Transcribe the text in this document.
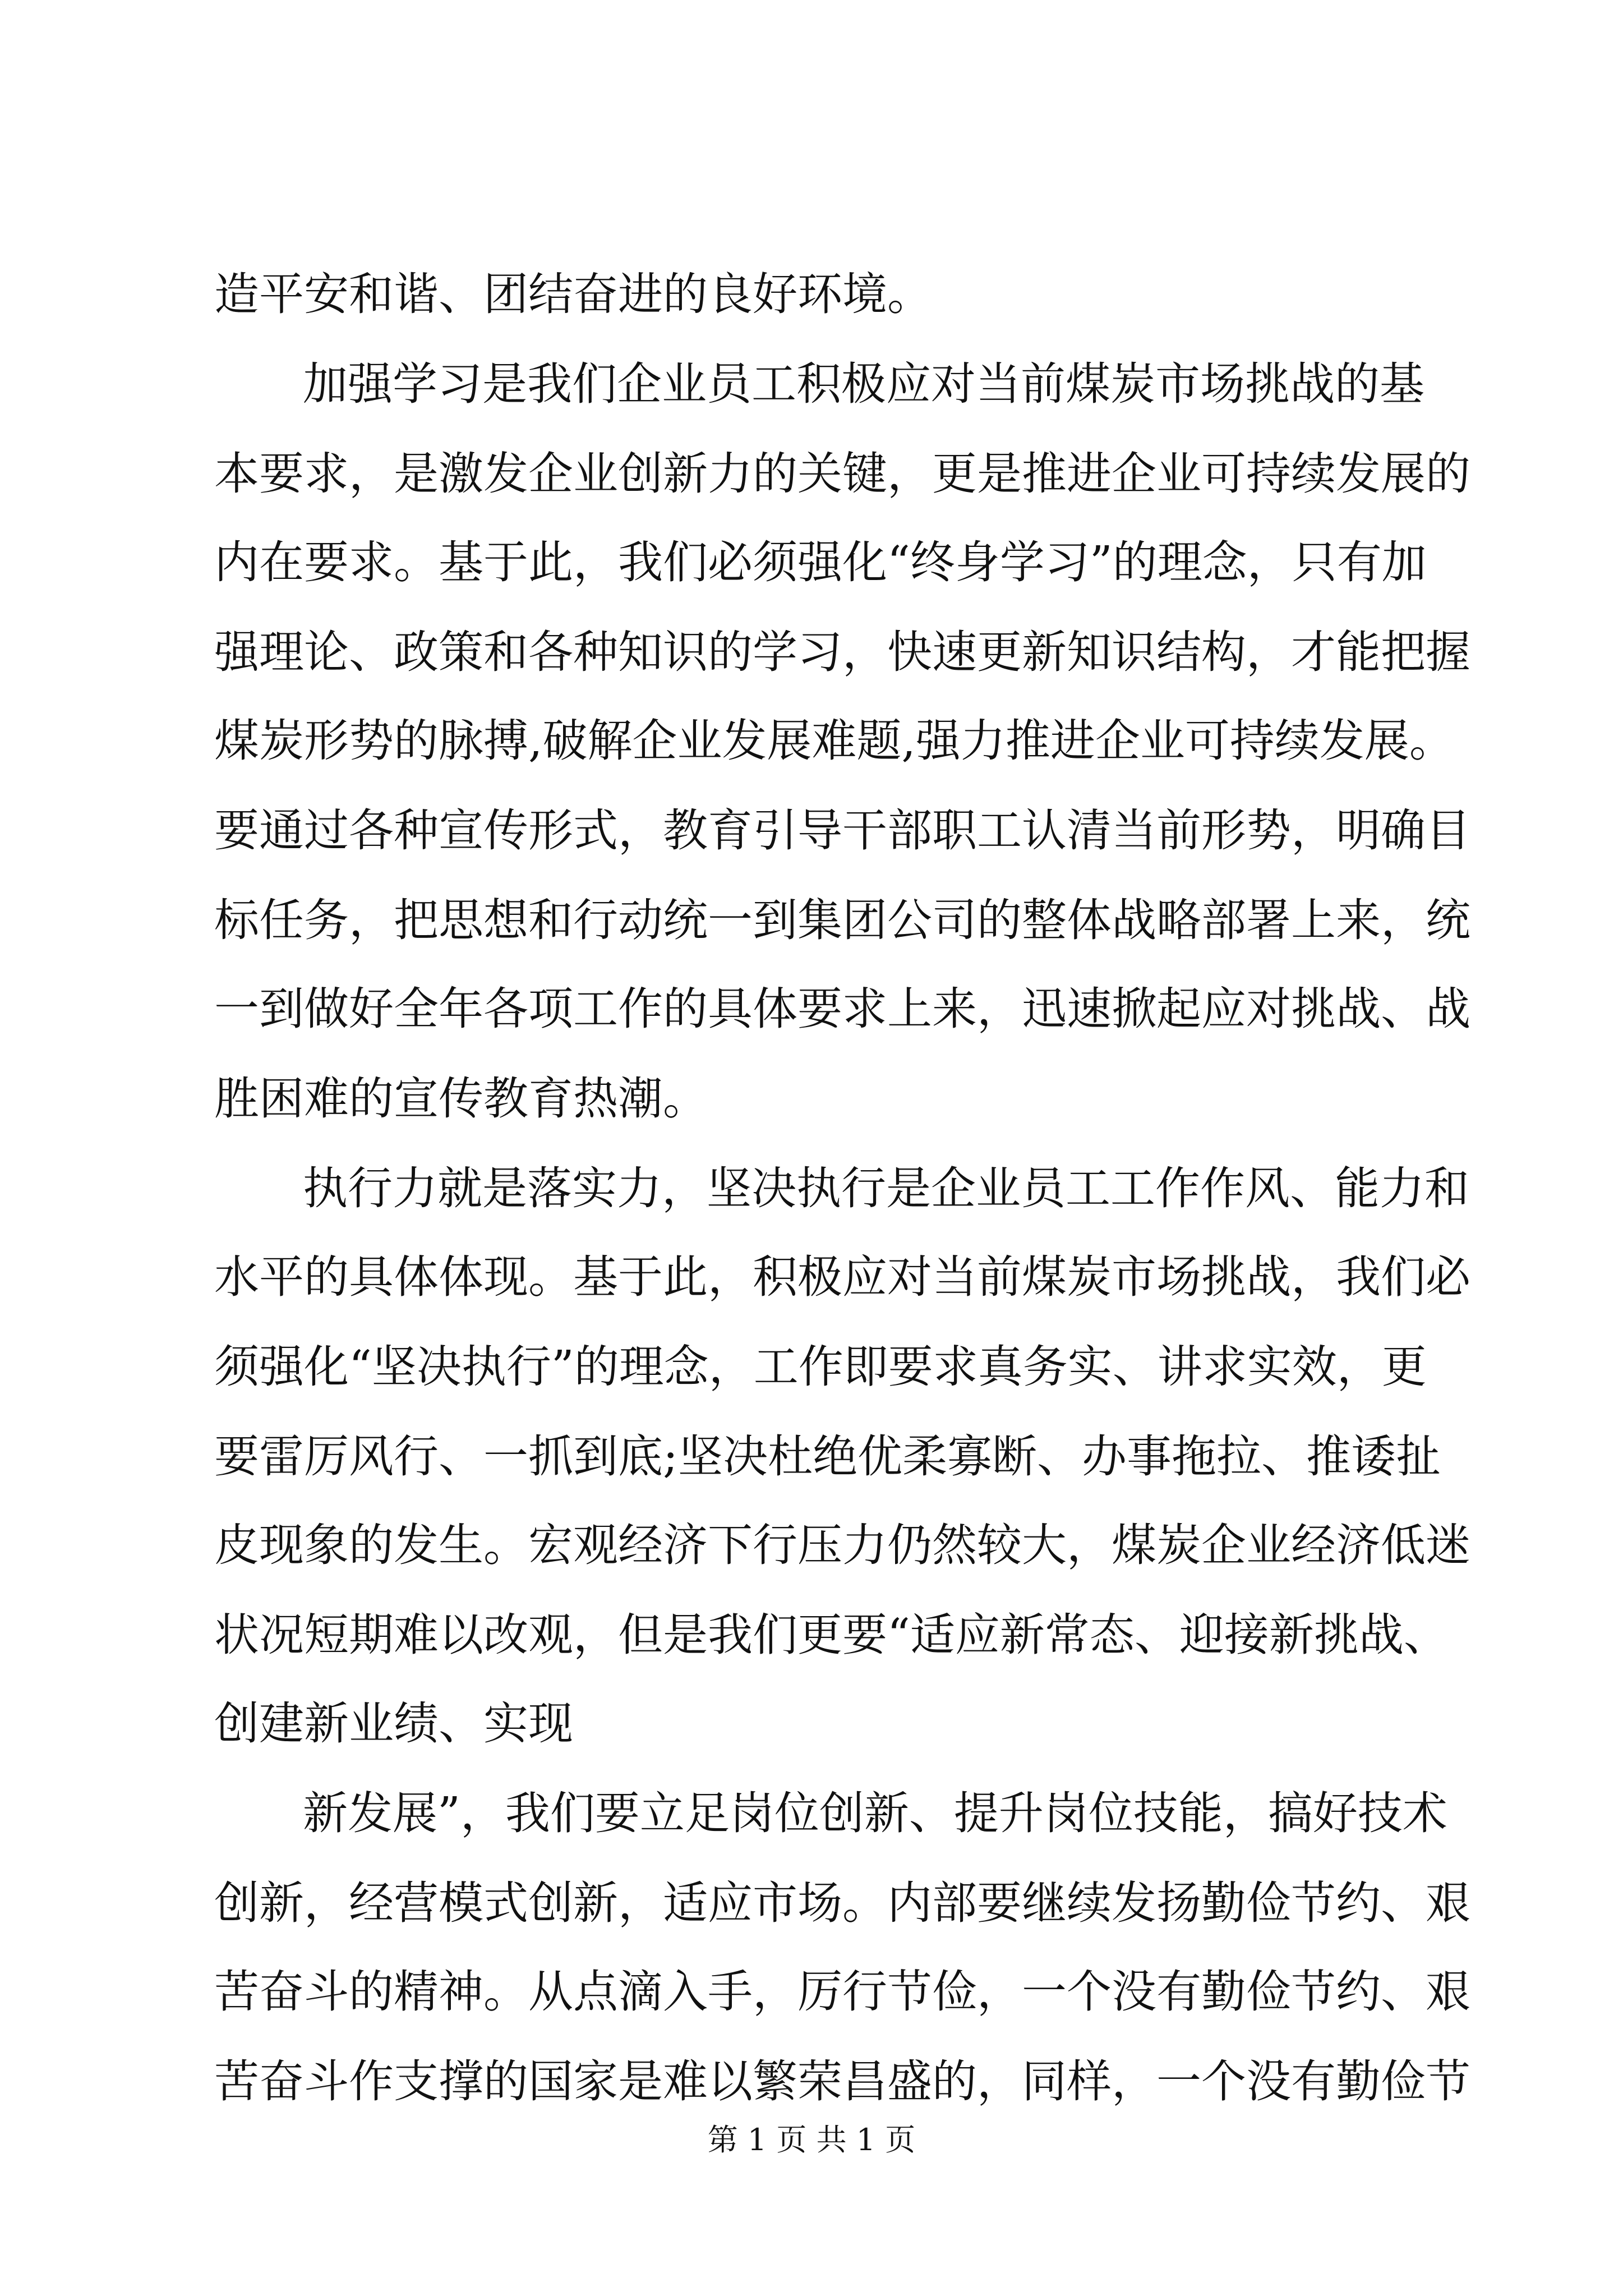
造平安和谐、团结奋进的良好环境。
加强学习是我们企业员工积极应对当前煤炭市场挑战的基
本要求，是激发企业创新力的关键，更是推进企业可持续发展的
内在要求。基于此，我们必须强化“终身学习”的理念，只有加
强理论、政策和各种知识的学习，快速更新知识结构，才能把握
煤炭形势的脉搏,破解企业发展难题,强力推进企业可持续发展。
要通过各种宣传形式，教育引导干部职工认清当前形势，明确目
标任务，把思想和行动统一到集团公司的整体战略部署上来，统
一到做好全年各项工作的具体要求上来，迅速掀起应对挑战、战
胜困难的宣传教育热潮。
执行力就是落实力，坚决执行是企业员工工作作风、能力和
水平的具体体现。基于此，积极应对当前煤炭市场挑战，我们必
须强化“坚决执行”的理念，工作即要求真务实、讲求实效，更
要雷厉风行、一抓到底;坚决杜绝优柔寡断、办事拖拉、推诿扯
皮现象的发生。宏观经济下行压力仍然较大，煤炭企业经济低迷
状况短期难以改观，但是我们更要“适应新常态、迎接新挑战、
创建新业绩、实现
新发展”，我们要立足岗位创新、提升岗位技能，搞好技术
创新，经营模式创新，适应市场。内部要继续发扬勤俭节约、艰
苦奋斗的精神。从点滴入手，厉行节俭，一个没有勤俭节约、艰
苦奋斗作支撑的国家是难以繁荣昌盛的，同样，一个没有勤俭节
第 1 页 共 1 页
